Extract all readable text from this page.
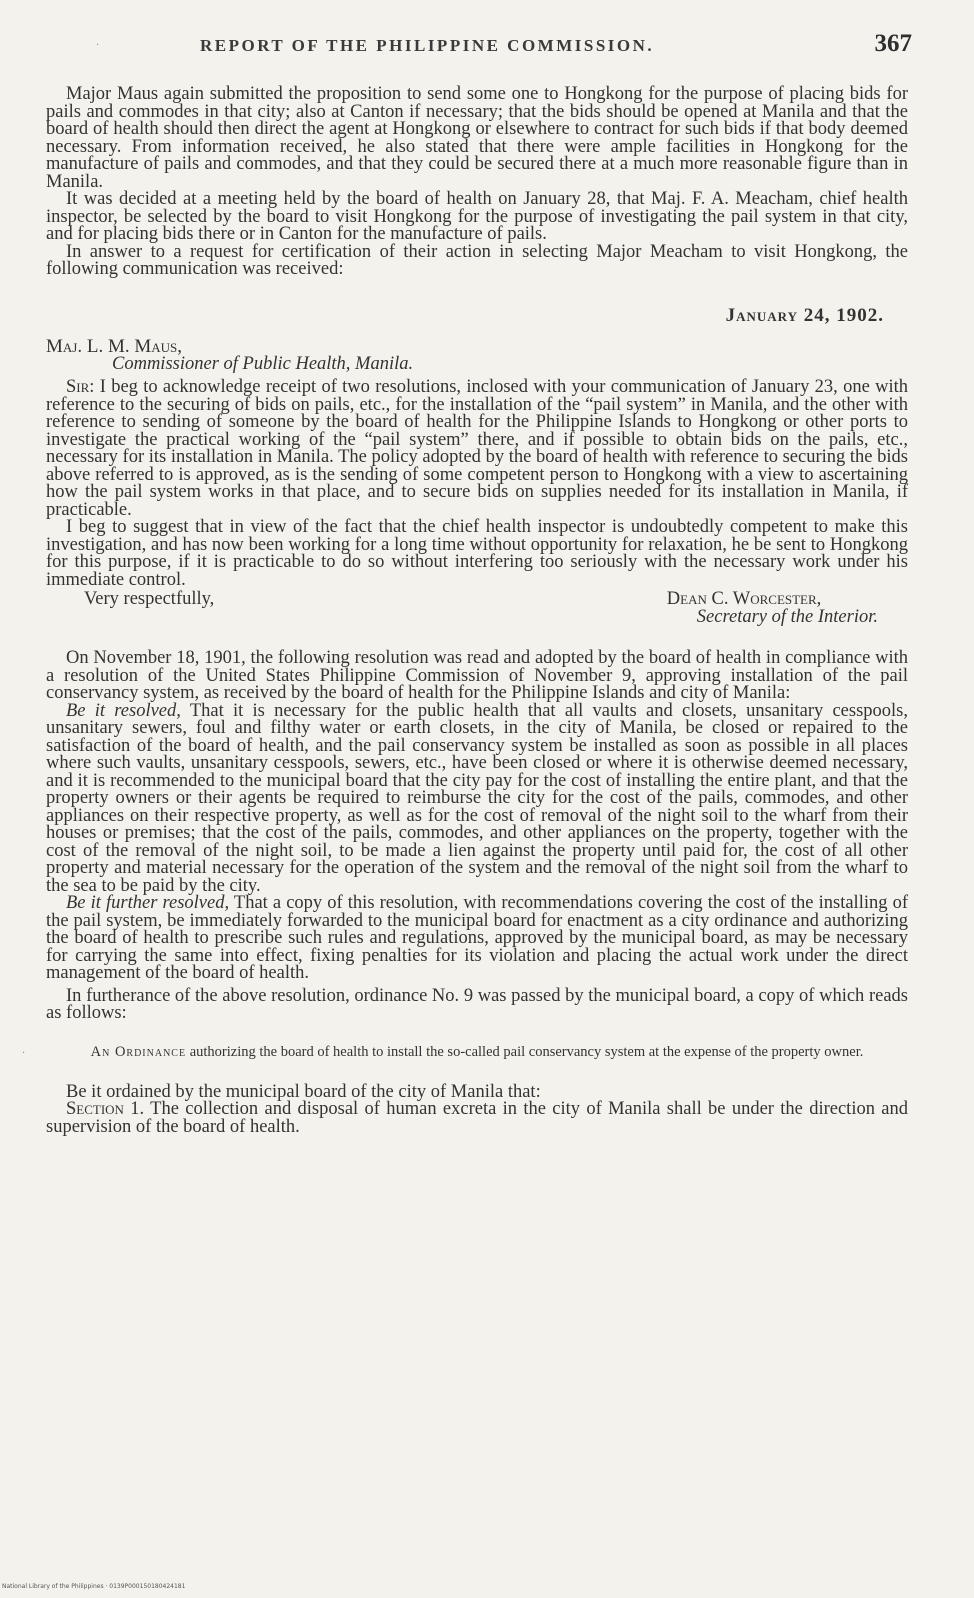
REPORT OF THE PHILIPPINE COMMISSION.	367
·
·

Major Maus again submitted the proposition to send some one to Hongkong for the purpose of placing bids for pails and commodes in that city; also at Canton if necessary; that the bids should be opened at Manila and that the board of health should then direct the agent at Hongkong or elsewhere to contract for such bids if that body deemed necessary. From information received, he also stated that there were ample facilities in Hongkong for the manufacture of pails and commodes, and that they could be secured there at a much more reasonable figure than in Manila.

It was decided at a meeting held by the board of health on January 28, that Maj. F. A. Meacham, chief health inspector, be selected by the board to visit Hongkong for the purpose of investigating the pail system in that city, and for placing bids there or in Canton for the manufacture of pails.

In answer to a request for certification of their action in selecting Major Meacham to visit Hongkong, the following communication was received:

January 24, 1902.

Maj. L. M. Maus,

Commissioner of Public Health, Manila.

Sir: I beg to acknowledge receipt of two resolutions, inclosed with your communication of January 23, one with reference to the securing of bids on pails, etc., for the installation of the “pail system” in Manila, and the other with reference to sending of someone by the board of health for the Philippine Islands to Hongkong or other ports to investigate the practical working of the “pail system” there, and if possible to obtain bids on the pails, etc., necessary for its installation in Manila. The policy adopted by the board of health with reference to securing the bids above referred to is approved, as is the sending of some competent person to Hongkong with a view to ascertaining how the pail system works in that place, and to secure bids on supplies needed for its installation in Manila, if practicable.

I beg to suggest that in view of the fact that the chief health inspector is undoubtedly competent to make this investigation, and has now been working for a long time without opportunity for relaxation, he be sent to Hongkong for this purpose, if it is practicable to do so without interfering too seriously with the necessary work under his immediate control.

Very respectfully,	Dean C. Worcester,
Secretary of the Interior.

On November 18, 1901, the following resolution was read and adopted by the board of health in compliance with a resolution of the United States Philippine Commission of November 9, approving installation of the pail conservancy system, as received by the board of health for the Philippine Islands and city of Manila:

Be it resolved, That it is necessary for the public health that all vaults and closets, unsanitary cesspools, unsanitary sewers, foul and filthy water or earth closets, in the city of Manila, be closed or repaired to the satisfaction of the board of health, and the pail conservancy system be installed as soon as possible in all places where such vaults, unsanitary cesspools, sewers, etc., have been closed or where it is otherwise deemed necessary, and it is recommended to the municipal board that the city pay for the cost of installing the entire plant, and that the property owners or their agents be required to reimburse the city for the cost of the pails, commodes, and other appliances on their respective property, as well as for the cost of removal of the night soil to the wharf from their houses or premises; that the cost of the pails, commodes, and other appliances on the property, together with the cost of the removal of the night soil, to be made a lien against the property until paid for, the cost of all other property and material necessary for the operation of the system and the removal of the night soil from the wharf to the sea to be paid by the city.

Be it further resolved, That a copy of this resolution, with recommendations covering the cost of the installing of the pail system, be immediately forwarded to the municipal board for enactment as a city ordinance and authorizing the board of health to prescribe such rules and regulations, approved by the municipal board, as may be necessary for carrying the same into effect, fixing penalties for its violation and placing the actual work under the direct management of the board of health.

In furtherance of the above resolution, ordinance No. 9 was passed by the municipal board, a copy of which reads as follows:

An Ordinance authorizing the board of health to install the so-called pail conservancy system at the expense of the property owner.

Be it ordained by the municipal board of the city of Manila that:

Section 1. The collection and disposal of human excreta in the city of Manila shall be under the direction and supervision of the board of health.

National Library of the Philippines · 0139P000150180424181
